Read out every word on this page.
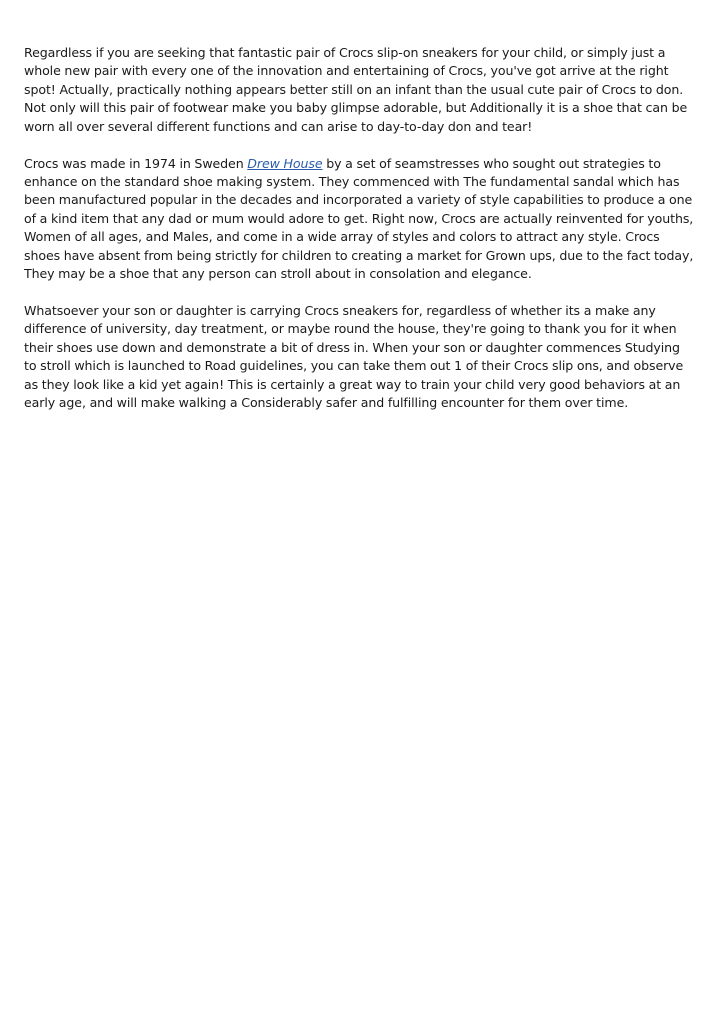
Regardless if you are seeking that fantastic pair of Crocs slip-on sneakers for your child, or simply just a whole new pair with every one of the innovation and entertaining of Crocs, you've got arrive at the right spot! Actually, practically nothing appears better still on an infant than the usual cute pair of Crocs to don. Not only will this pair of footwear make you baby glimpse adorable, but Additionally it is a shoe that can be worn all over several different functions and can arise to day-to-day don and tear!

Crocs was made in 1974 in Sweden Drew House by a set of seamstresses who sought out strategies to enhance on the standard shoe making system. They commenced with The fundamental sandal which has been manufactured popular in the decades and incorporated a variety of style capabilities to produce a one of a kind item that any dad or mum would adore to get. Right now, Crocs are actually reinvented for youths, Women of all ages, and Males, and come in a wide array of styles and colors to attract any style. Crocs shoes have absent from being strictly for children to creating a market for Grown ups, due to the fact today, They may be a shoe that any person can stroll about in consolation and elegance.

Whatsoever your son or daughter is carrying Crocs sneakers for, regardless of whether its a make any difference of university, day treatment, or maybe round the house, they're going to thank you for it when their shoes use down and demonstrate a bit of dress in. When your son or daughter commences Studying to stroll which is launched to Road guidelines, you can take them out 1 of their Crocs slip ons, and observe as they look like a kid yet again! This is certainly a great way to train your child very good behaviors at an early age, and will make walking a Considerably safer and fulfilling encounter for them over time.
